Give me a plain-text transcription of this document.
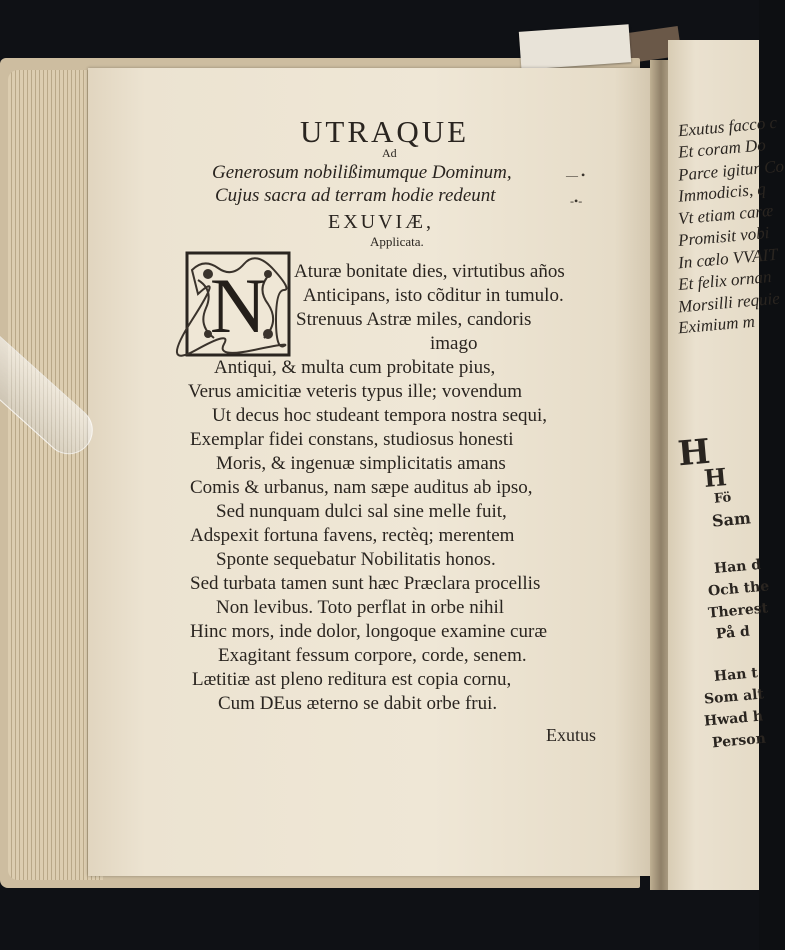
UTRAQUE
Ad
Generosum nobilißimumque Dominum,
Cujus sacra ad terram hodie redeunt
EXUVIÆ,
Applicata.
— •
-•-
N Aturæ bonitate dies, virtutibus años
Anticipans, isto cõditur in tumulo.
Strenuus Astræ miles, candoris
imago
Antiqui, & multa cum probitate pius,
Verus amicitiæ veteris typus ille; vovendum
Ut decus hoc studeant tempora nostra sequi,
Exemplar fidei constans, studiosus honesti
Moris, & ingenuæ simplicitatis amans
Comis & urbanus, nam sæpe auditus ab ipso,
Sed nunquam dulci sal sine melle fuit,
Adspexit fortuna favens, rectèq; merentem
Sponte sequebatur Nobilitatis honos.
Sed turbata tamen sunt hæc Præclara procellis
Non levibus. Toto perflat in orbe nihil
Hinc mors, inde dolor, longoque examine curæ
Exagitant fessum corpore, corde, senem.
Lætitiæ ast pleno reditura est copia cornu,
Cum DEus æterno se dabit orbe frui.
Exutus
Exutus facco c
Et coram Do
Parce igitur Co
Immodicis, q
Vt etiam caræ
Promisit vobi
In cœlo VVAIT
Et felix ornan
Morsilli requie
Eximium m
H
H
Fö
Sam
Han d
Och the
Therest
På d
Han t
Som alt
Hwad h
Person
